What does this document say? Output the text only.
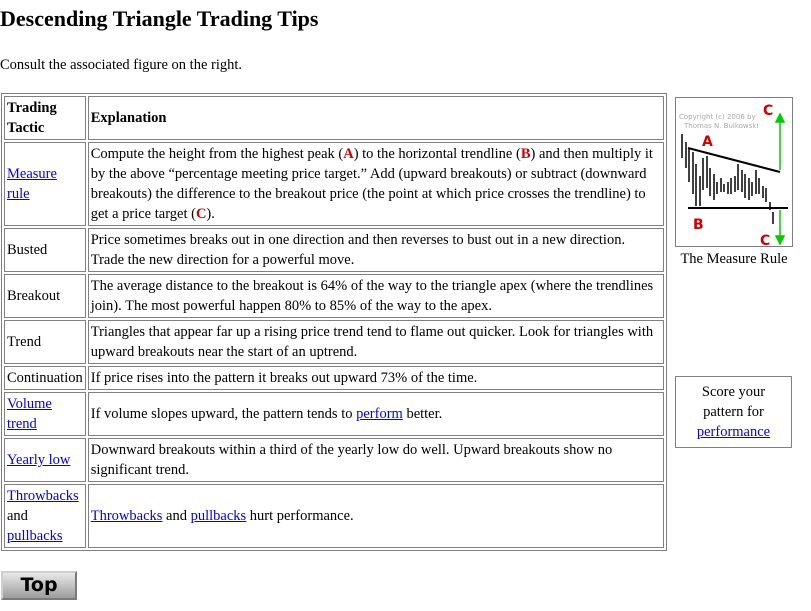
Descending Triangle Trading Tips

Consult the associated figure on the right.

Trading Tactic	Explanation
Measure rule	Compute the height from the highest peak (A) to the horizontal trendline (B) and then multiply it by the above “percentage meeting price target.” Add (upward breakouts) or subtract (downward breakouts) the difference to the breakout price (the point at which price crosses the trendline) to get a price target (C).
Busted	Price sometimes breaks out in one direction and then reverses to bust out in a new direction. Trade the new direction for a powerful move.
Breakout	The average distance to the breakout is 64% of the way to the triangle apex (where the trendlines join). The most powerful happen 80% to 85% of the way to the apex.
Trend	Triangles that appear far up a rising price trend tend to flame out quicker. Look for triangles with upward breakouts near the start of an uptrend.
Continuation	If price rises into the pattern it breaks out upward 73% of the time.
Volume trend	If volume slopes upward, the pattern tends to perform better.
Yearly low	Downward breakouts within a third of the yearly low do well. Upward breakouts show no significant trend.
Throwbacks
and
pullbacks	Throwbacks and pullbacks hurt performance.
Copyright (c) 2006 by
Thomas N. Bulkowski
A
B
C
C
The Measure Rule
Score your
pattern for
performance
Top
